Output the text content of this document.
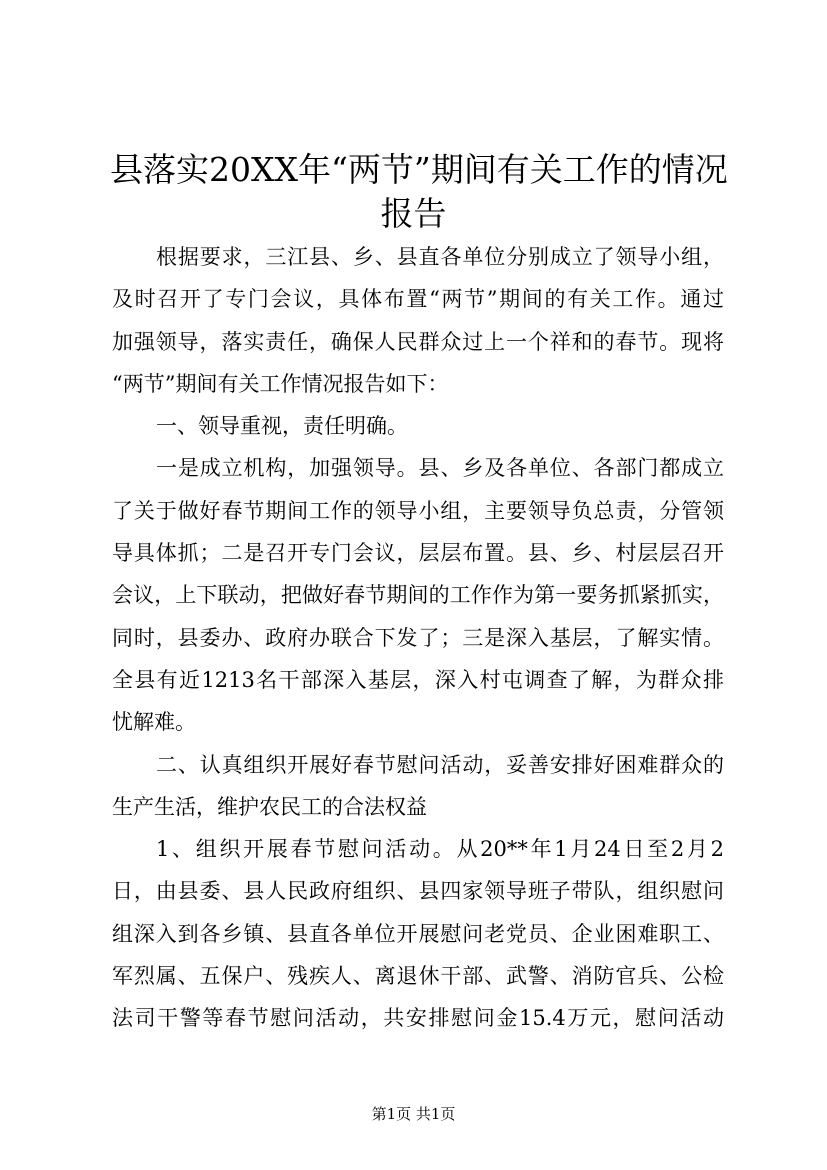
县落实20XX年“两节”期间有关工作的情况
报告
根据要求，三江县、乡、县直各单位分别成立了领导小组，
及时召开了专门会议，具体布置“两节”期间的有关工作。通过
加强领导，落实责任，确保人民群众过上一个祥和的春节。现将
“两节”期间有关工作情况报告如下：
一、领导重视，责任明确。
一是成立机构，加强领导。县、乡及各单位、各部门都成立
了关于做好春节期间工作的领导小组，主要领导负总责，分管领
导具体抓；二是召开专门会议，层层布置。县、乡、村层层召开
会议，上下联动，把做好春节期间的工作作为第一要务抓紧抓实，
同时，县委办、政府办联合下发了；三是深入基层，了解实情。
全县有近1213名干部深入基层，深入村屯调查了解，为群众排
忧解难。
二、认真组织开展好春节慰问活动，妥善安排好困难群众的
生产生活，维护农民工的合法权益
1、组织开展春节慰问活动。从20**年1月24日至2月2
日，由县委、县人民政府组织、县四家领导班子带队，组织慰问
组深入到各乡镇、县直各单位开展慰问老党员、企业困难职工、
军烈属、五保户、残疾人、离退休干部、武警、消防官兵、公检
法司干警等春节慰问活动，共安排慰问金15.4万元，慰问活动
第1页 共1页
